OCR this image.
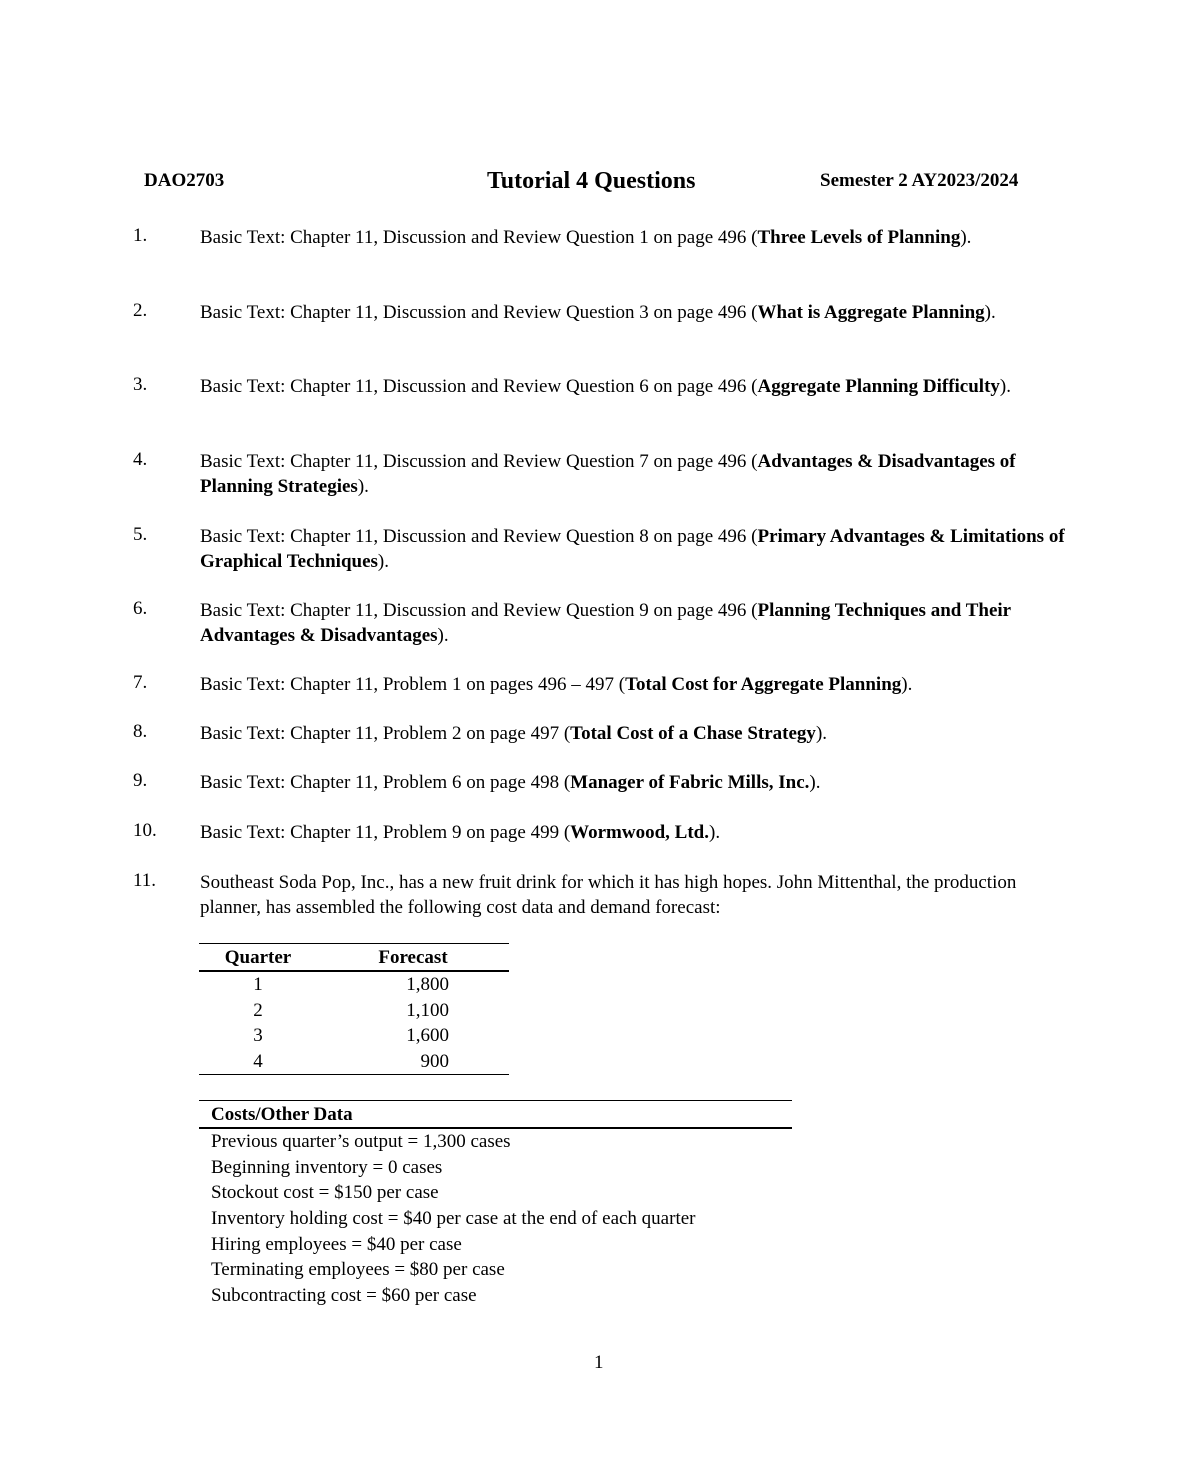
DAO2703	Tutorial 4 Questions	Semester 2 AY2023/2024
1.	Basic Text: Chapter 11, Discussion and Review Question 1 on page 496 (Three Levels of Planning).
2.	Basic Text: Chapter 11, Discussion and Review Question 3 on page 496 (What is Aggregate Planning).
3.	Basic Text: Chapter 11, Discussion and Review Question 6 on page 496 (Aggregate Planning Difficulty).
4.	Basic Text: Chapter 11, Discussion and Review Question 7 on page 496 (Advantages & Disadvantages of Planning Strategies).
5.	Basic Text: Chapter 11, Discussion and Review Question 8 on page 496 (Primary Advantages & Limitations of Graphical Techniques).
6.	Basic Text: Chapter 11, Discussion and Review Question 9 on page 496 (Planning Techniques and Their Advantages & Disadvantages).
7.	Basic Text: Chapter 11, Problem 1 on pages 496 – 497 (Total Cost for Aggregate Planning).
8.	Basic Text: Chapter 11, Problem 2 on page 497 (Total Cost of a Chase Strategy).
9.	Basic Text: Chapter 11, Problem 6 on page 498 (Manager of Fabric Mills, Inc.).
10. Basic Text: Chapter 11, Problem 9 on page 499 (Wormwood, Ltd.).
11. Southeast Soda Pop, Inc., has a new fruit drink for which it has high hopes. John Mittenthal, the production planner, has assembled the following cost data and demand forecast:
Quarter	Forecast
1	1,800
2	1,100
3	1,600
4	900
Costs/Other Data
Previous quarter’s output = 1,300 cases
Beginning inventory = 0 cases
Stockout cost = $150 per case
Inventory holding cost = $40 per case at the end of each quarter
Hiring employees = $40 per case
Terminating employees = $80 per case
Subcontracting cost = $60 per case
1
